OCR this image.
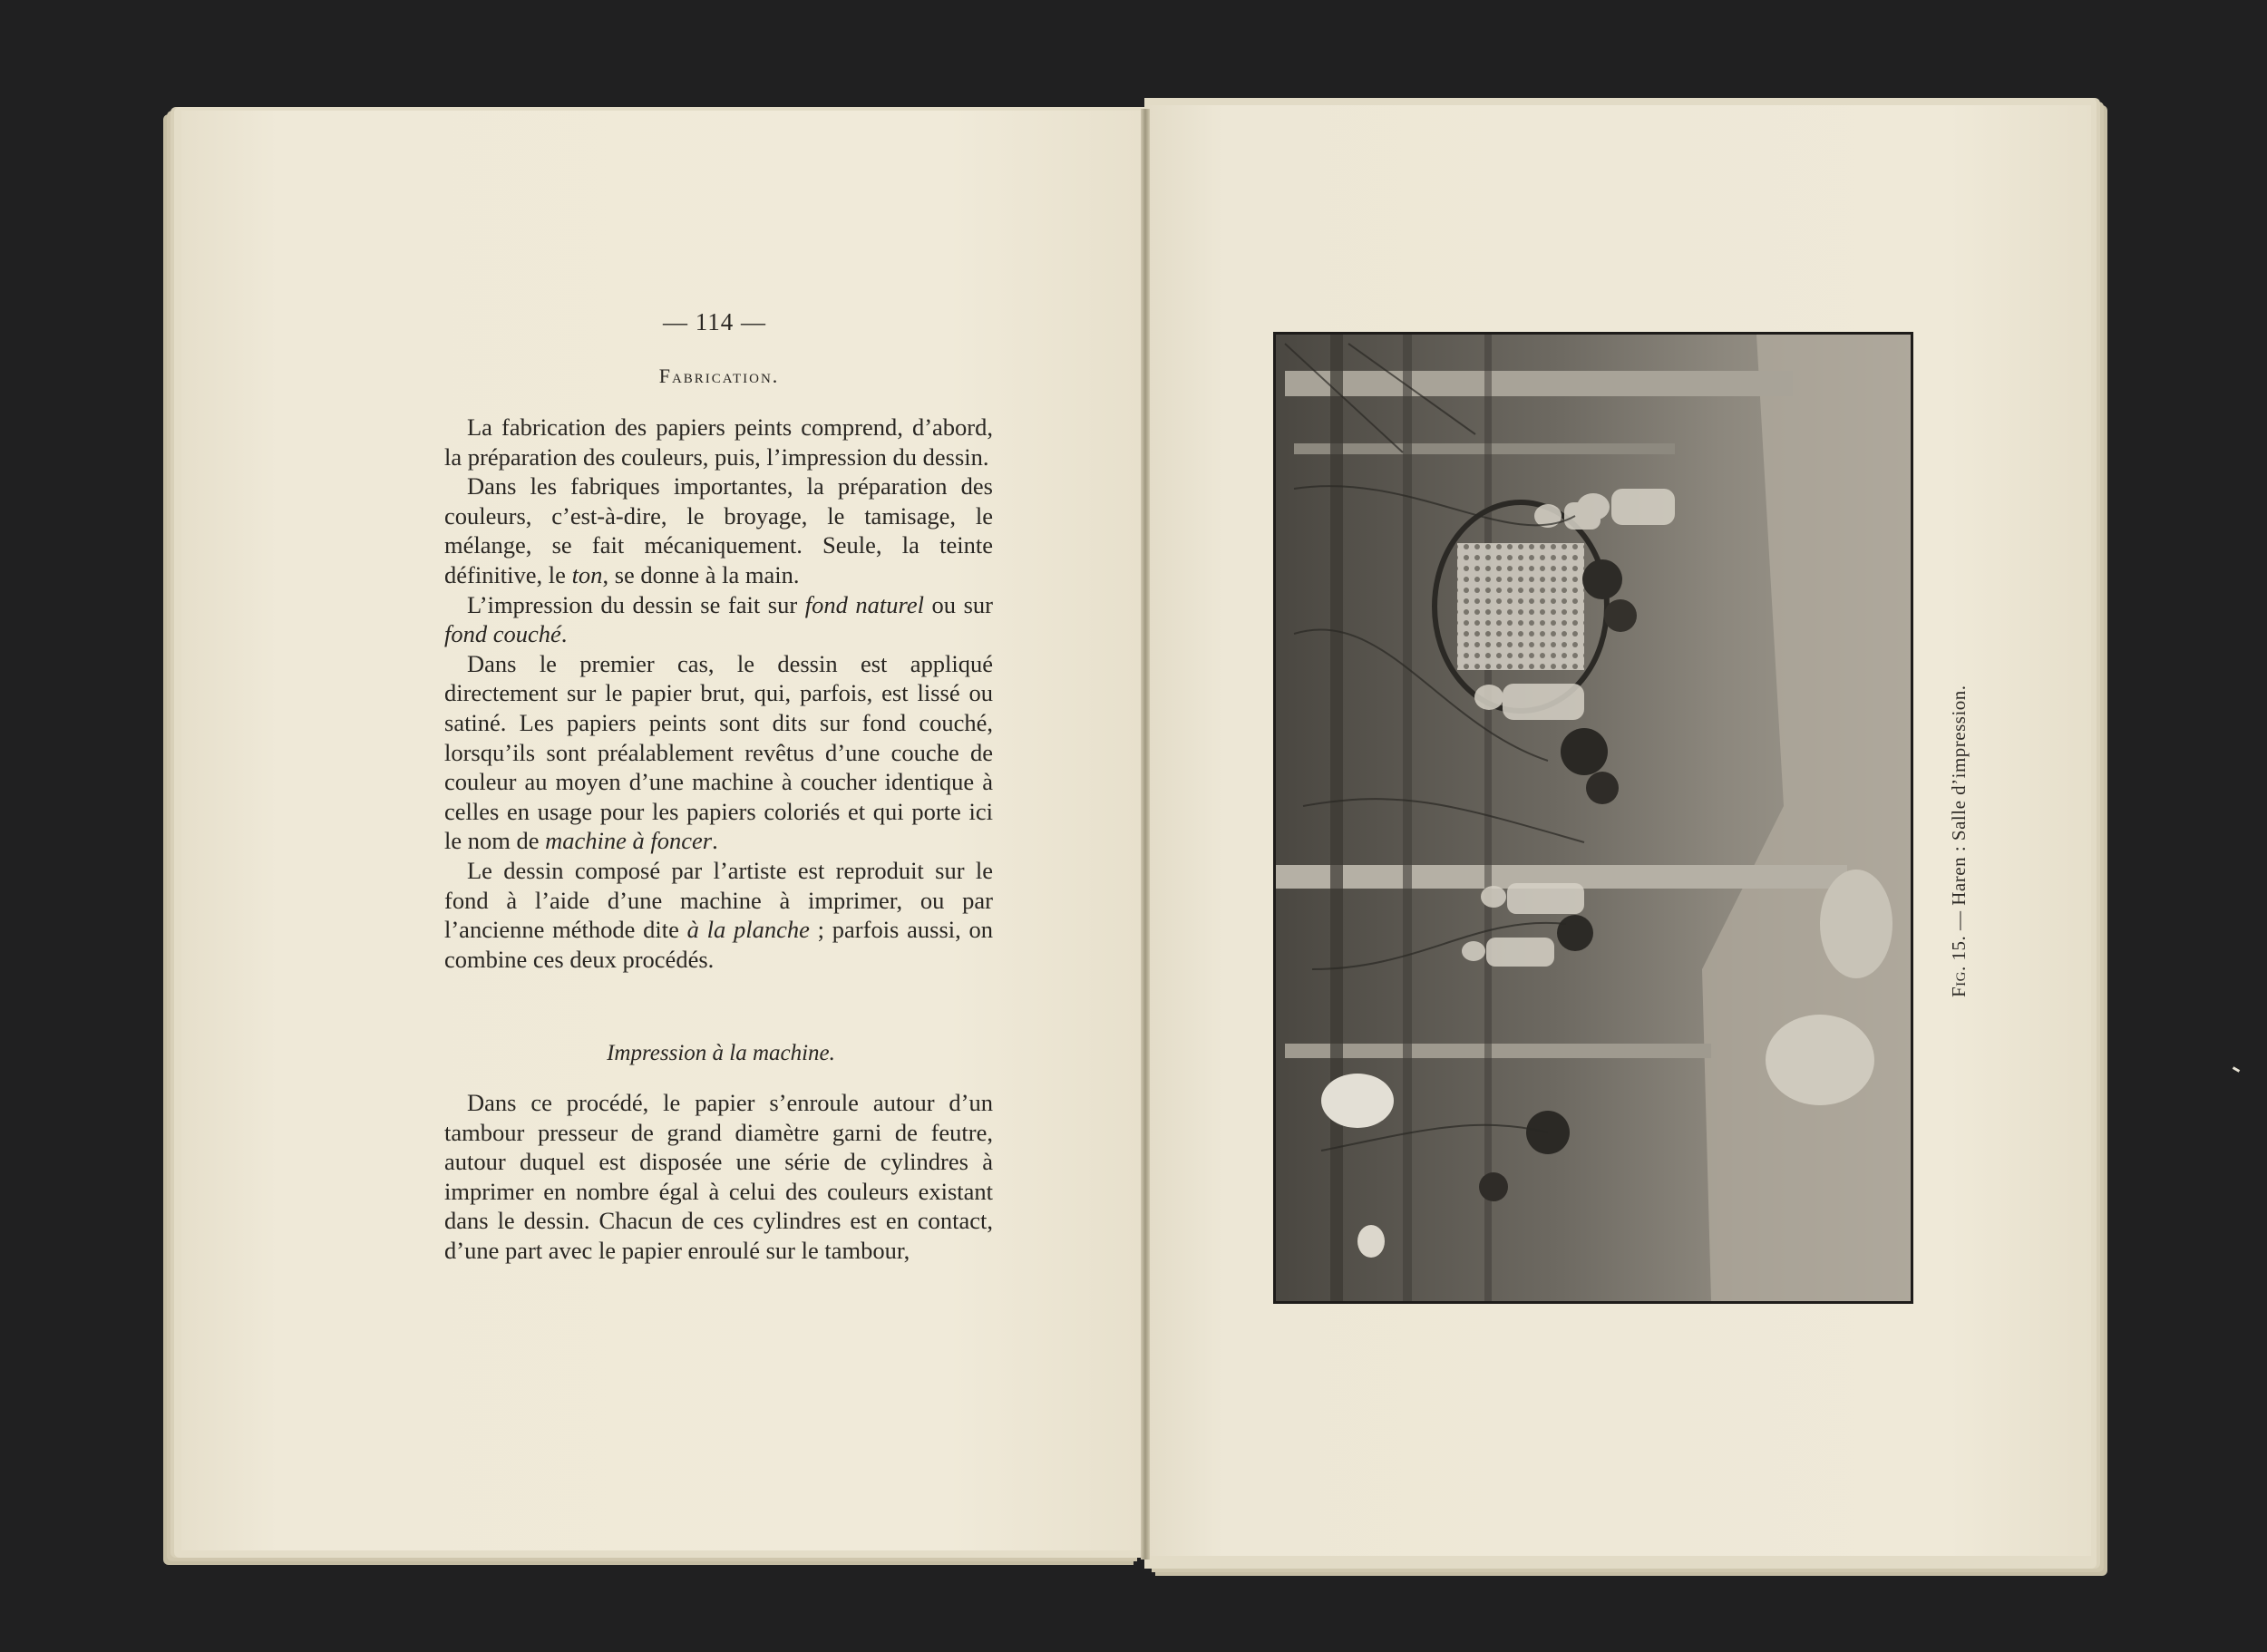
— 114 —
Fabrication.

La fabrication des papiers peints comprend, d’abord, la préparation des couleurs, puis, l’impression du dessin.

Dans les fabriques importantes, la préparation des couleurs, c’est-à-dire, le broyage, le tamisage, le mélange, se fait mécaniquement. Seule, la teinte définitive, le ton, se donne à la main.

L’impression du dessin se fait sur fond naturel ou sur fond couché.

Dans le premier cas, le dessin est appliqué directement sur le papier brut, qui, parfois, est lissé ou satiné. Les papiers peints sont dits sur fond couché, lorsqu’ils sont préalablement revêtus d’une couche de couleur au moyen d’une machine à coucher identique à celles en usage pour les papiers coloriés et qui porte ici le nom de machine à foncer.

Le dessin composé par l’artiste est reproduit sur le fond à l’aide d’une machine à imprimer, ou par l’ancienne méthode dite à la planche ; parfois aussi, on combine ces deux procédés.

Impression à la machine.

Dans ce procédé, le papier s’enroule autour d’un tambour presseur de grand diamètre garni de feutre, autour duquel est disposée une série de cylindres à imprimer en nombre égal à celui des couleurs existant dans le dessin. Chacun de ces cylindres est en contact, d’une part avec le papier enroulé sur le tambour,

Fig. 15. — Haren : Salle d’impression.
